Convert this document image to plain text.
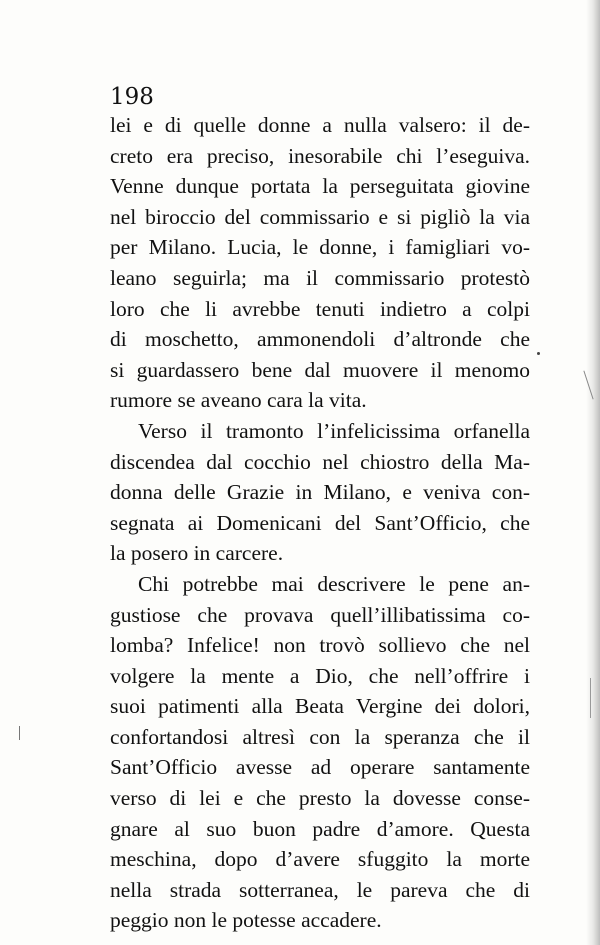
198
lei e di quelle donne a nulla valsero: il de-
creto era preciso, inesorabile chi l’eseguiva.
Venne dunque portata la perseguitata giovine
nel biroccio del commissario e si pigliò la via
per Milano. Lucia, le donne, i famigliari vo-
leano seguirla; ma il commissario protestò
loro che li avrebbe tenuti indietro a colpi
di moschetto, ammonendoli d’altronde che
si guardassero bene dal muovere il menomo
rumore se aveano cara la vita.
Verso il tramonto l’infelicissima orfanella
discendea dal cocchio nel chiostro della Ma-
donna delle Grazie in Milano, e veniva con-
segnata ai Domenicani del Sant’Officio, che
la posero in carcere.
Chi potrebbe mai descrivere le pene an-
gustiose che provava quell’illibatissima co-
lomba? Infelice! non trovò sollievo che nel
volgere la mente a Dio, che nell’offrire i
suoi patimenti alla Beata Vergine dei dolori,
confortandosi altresì con la speranza che il
Sant’Officio avesse ad operare santamente
verso di lei e che presto la dovesse conse-
gnare al suo buon padre d’amore. Questa
meschina, dopo d’avere sfuggito la morte
nella strada sotterranea, le pareva che di
peggio non le potesse accadere.
